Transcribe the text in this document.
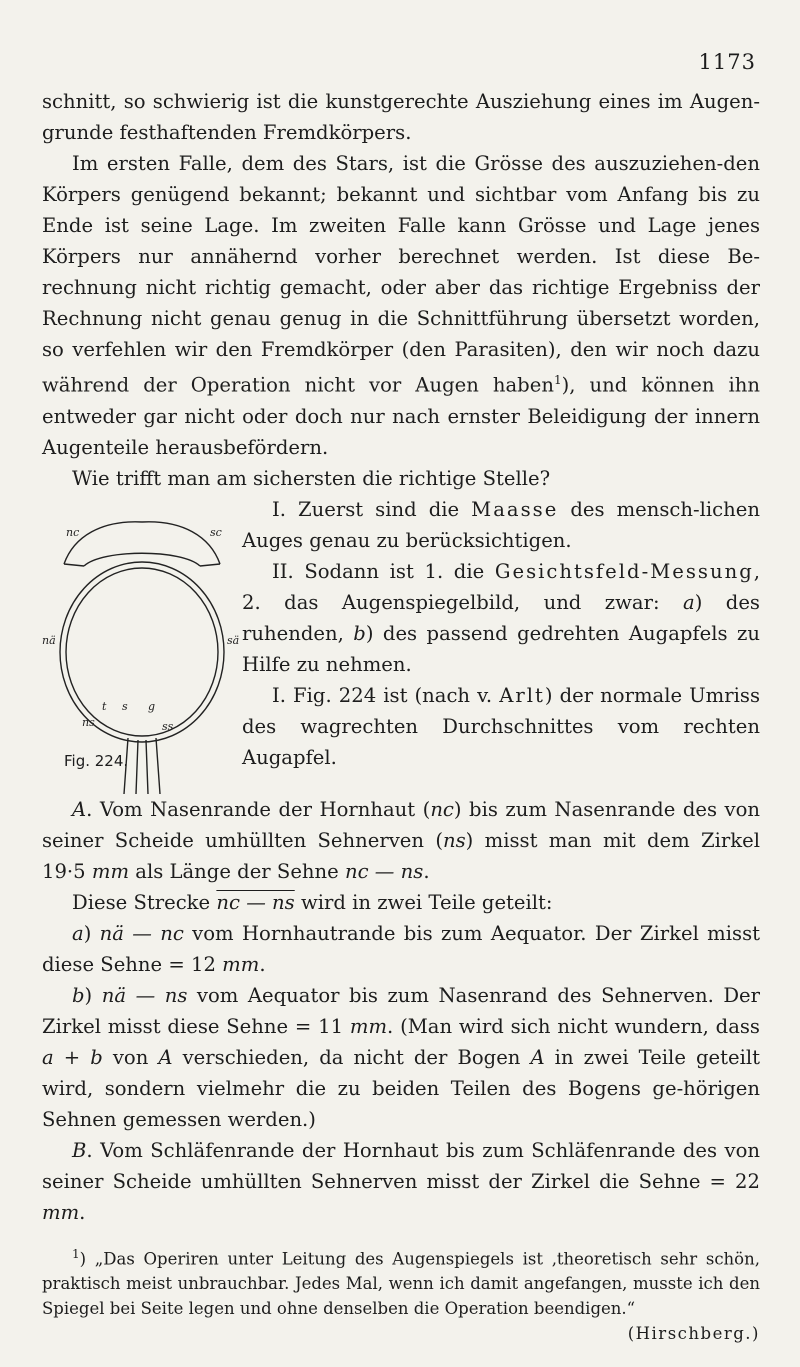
1173

schnitt, so schwierig ist die kunstgerechte Ausziehung eines im Augen-grunde festhaftenden Fremdkörpers.

Im ersten Falle, dem des Stars, ist die Grösse des auszuziehen-den Körpers genügend bekannt; bekannt und sichtbar vom Anfang bis zu Ende ist seine Lage. Im zweiten Falle kann Grösse und Lage jenes Körpers nur annähernd vorher berechnet werden. Ist diese Be-rechnung nicht richtig gemacht, oder aber das richtige Ergebniss der Rechnung nicht genau genug in die Schnittführung übersetzt worden, so verfehlen wir den Fremdkörper (den Parasiten), den wir noch dazu während der Operation nicht vor Augen haben$^1$), und können ihn entweder gar nicht oder doch nur nach ernster Beleidigung der innern Augenteile herausbefördern.

Wie trifft man am sichersten die richtige Stelle?

nc	sc
nä	sä
ns	ss
t s g
Fig. 224.

I. Zuerst sind die Maasse des mensch-lichen Auges genau zu berücksichtigen.

II. Sodann ist 1. die Gesichtsfeld-Messung, 2. das Augenspiegelbild, und zwar: a) des ruhenden, b) des passend gedrehten Augapfels zu Hilfe zu nehmen.

I. Fig. 224 ist (nach v. Arlt) der normale Umriss des wagrechten Durchschnittes vom rechten Augapfel.

A. Vom Nasenrande der Hornhaut (nc) bis zum Nasenrande des von seiner Scheide umhüllten Sehnerven (ns) misst man mit dem Zirkel 19·5 mm als Länge der Sehne nc — ns.

Diese Strecke nc — ns wird in zwei Teile geteilt:

a) nä — nc vom Hornhautrande bis zum Aequator. Der Zirkel misst diese Sehne = 12 mm.

b) nä — ns vom Aequator bis zum Nasenrand des Sehnerven. Der Zirkel misst diese Sehne = 11 mm. (Man wird sich nicht wundern, dass a + b von A verschieden, da nicht der Bogen A in zwei Teile geteilt wird, sondern vielmehr die zu beiden Teilen des Bogens ge-hörigen Sehnen gemessen werden.)

B. Vom Schläfenrande der Hornhaut bis zum Schläfenrande des von seiner Scheide umhüllten Sehnerven misst der Zirkel die Sehne = 22 mm.

$^1$) „Das Operiren unter Leitung des Augenspiegels ist ‚theoretisch sehr schön, praktisch meist unbrauchbar. Jedes Mal, wenn ich damit angefangen, musste ich den Spiegel bei Seite legen und ohne denselben die Operation beendigen.“

(Hirschberg.)
